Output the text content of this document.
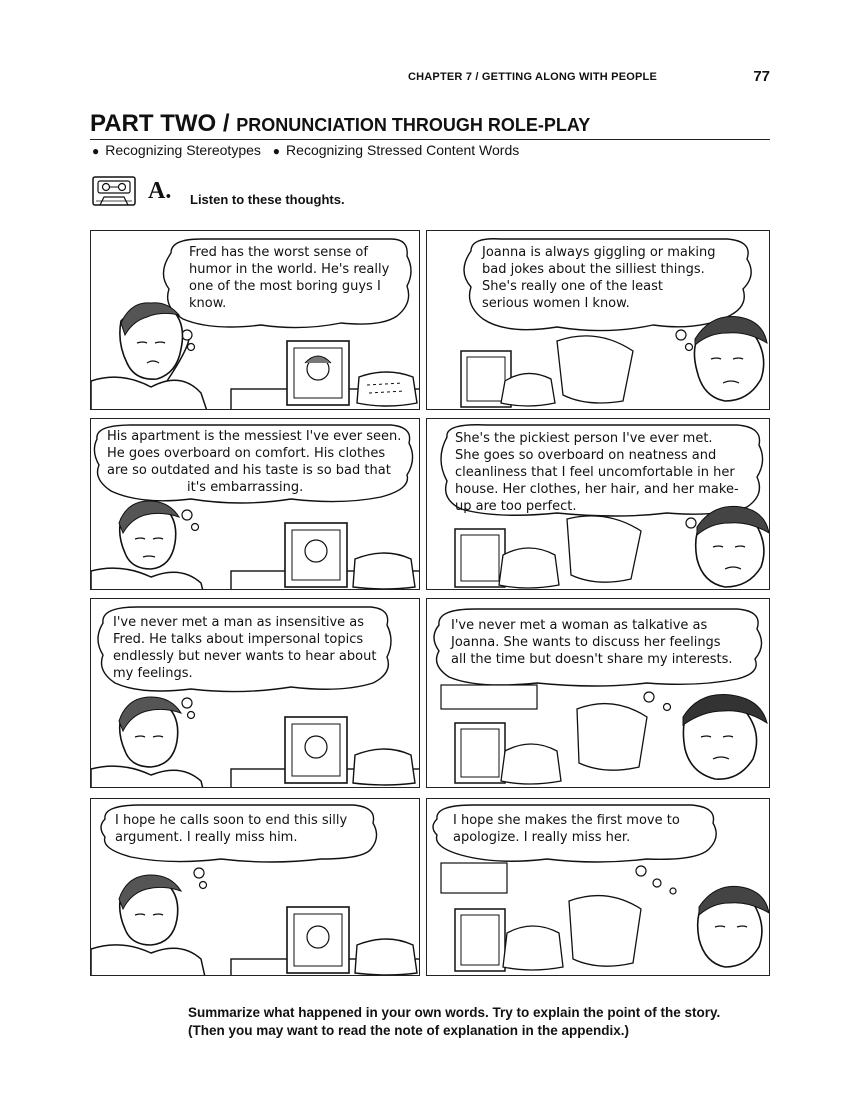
CHAPTER 7 / GETTING ALONG WITH PEOPLE	77
PART TWO / PRONUNCIATION THROUGH ROLE-PLAY
● Recognizing Stereotypes ● Recognizing Stressed Content Words
A. Listen to these thoughts.
Fred has the worst sense of
humor in the world. He's really
one of the most boring guys I
know.
Joanna is always giggling or making
bad jokes about the silliest things.
She's really one of the least
serious women I know.
His apartment is the messiest I've ever seen.
He goes overboard on comfort. His clothes
are so outdated and his taste is so bad that
it's embarrassing.
She's the pickiest person I've ever met.
She goes so overboard on neatness and
cleanliness that I feel uncomfortable in her
house. Her clothes, her hair, and her make-
up are too perfect.
I've never met a man as insensitive as
Fred. He talks about impersonal topics
endlessly but never wants to hear about
my feelings.
I've never met a woman as talkative as
Joanna. She wants to discuss her feelings
all the time but doesn't share my interests.
I hope he calls soon to end this silly
argument. I really miss him.
I hope she makes the first move to
apologize. I really miss her.
Summarize what happened in your own words. Try to explain the point of the story.
(Then you may want to read the note of explanation in the appendix.)
